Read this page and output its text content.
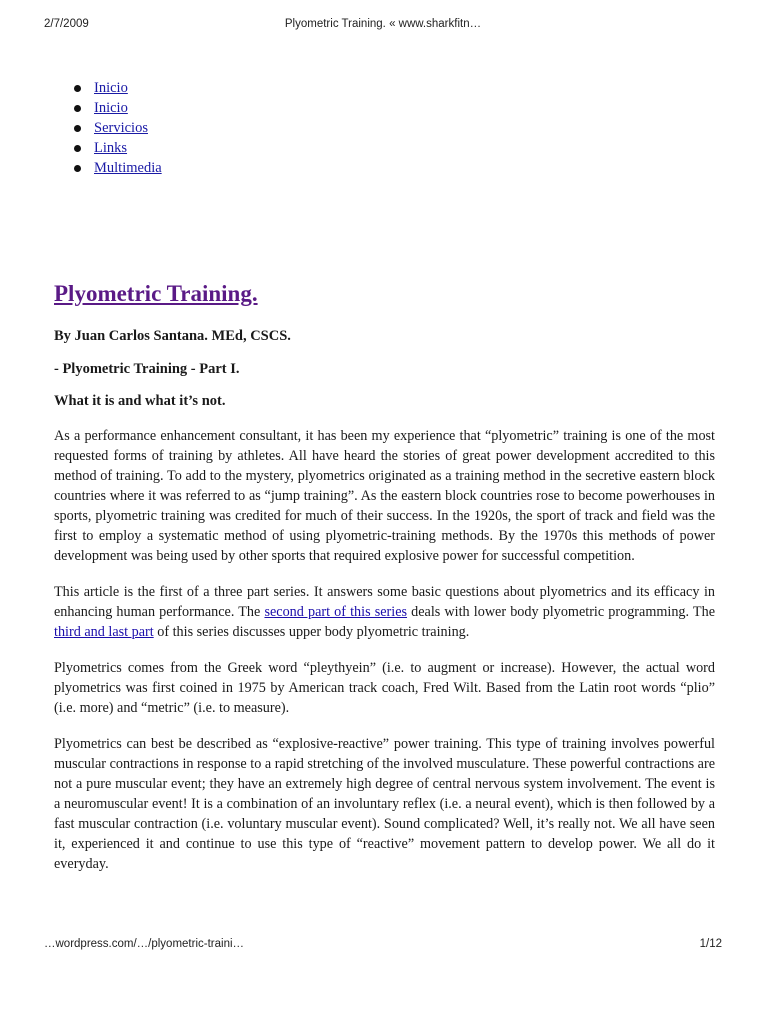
2/7/2009	Plyometric Training. « www.sharkfitn…
Inicio
Inicio
Servicios
Links
Multimedia
Plyometric Training.

By Juan Carlos Santana. MEd, CSCS.

- Plyometric Training - Part I.

What it is and what it’s not.

As a performance enhancement consultant, it has been my experience that “plyometric” training is one of the most requested forms of training by athletes. All have heard the stories of great power development accredited to this method of training. To add to the mystery, plyometrics originated as a training method in the secretive eastern block countries where it was referred to as “jump training”. As the eastern block countries rose to become powerhouses in sports, plyometric training was credited for much of their success. In the 1920s, the sport of track and field was the first to employ a systematic method of using plyometric-training methods. By the 1970s this methods of power development was being used by other sports that required explosive power for successful competition.

This article is the first of a three part series. It answers some basic questions about plyometrics and its efficacy in enhancing human performance. The second part of this series deals with lower body plyometric programming. The third and last part of this series discusses upper body plyometric training.

Plyometrics comes from the Greek word “pleythyein” (i.e. to augment or increase). However, the actual word plyometrics was first coined in 1975 by American track coach, Fred Wilt. Based from the Latin root words “plio” (i.e. more) and “metric” (i.e. to measure).

Plyometrics can best be described as “explosive-reactive” power training. This type of training involves powerful muscular contractions in response to a rapid stretching of the involved musculature. These powerful contractions are not a pure muscular event; they have an extremely high degree of central nervous system involvement. The event is a neuromuscular event! It is a combination of an involuntary reflex (i.e. a neural event), which is then followed by a fast muscular contraction (i.e. voluntary muscular event). Sound complicated? Well, it’s really not. We all have seen it, experienced it and continue to use this type of “reactive” movement pattern to develop power. We all do it everyday.

…wordpress.com/…/plyometric-traini…	1/12
